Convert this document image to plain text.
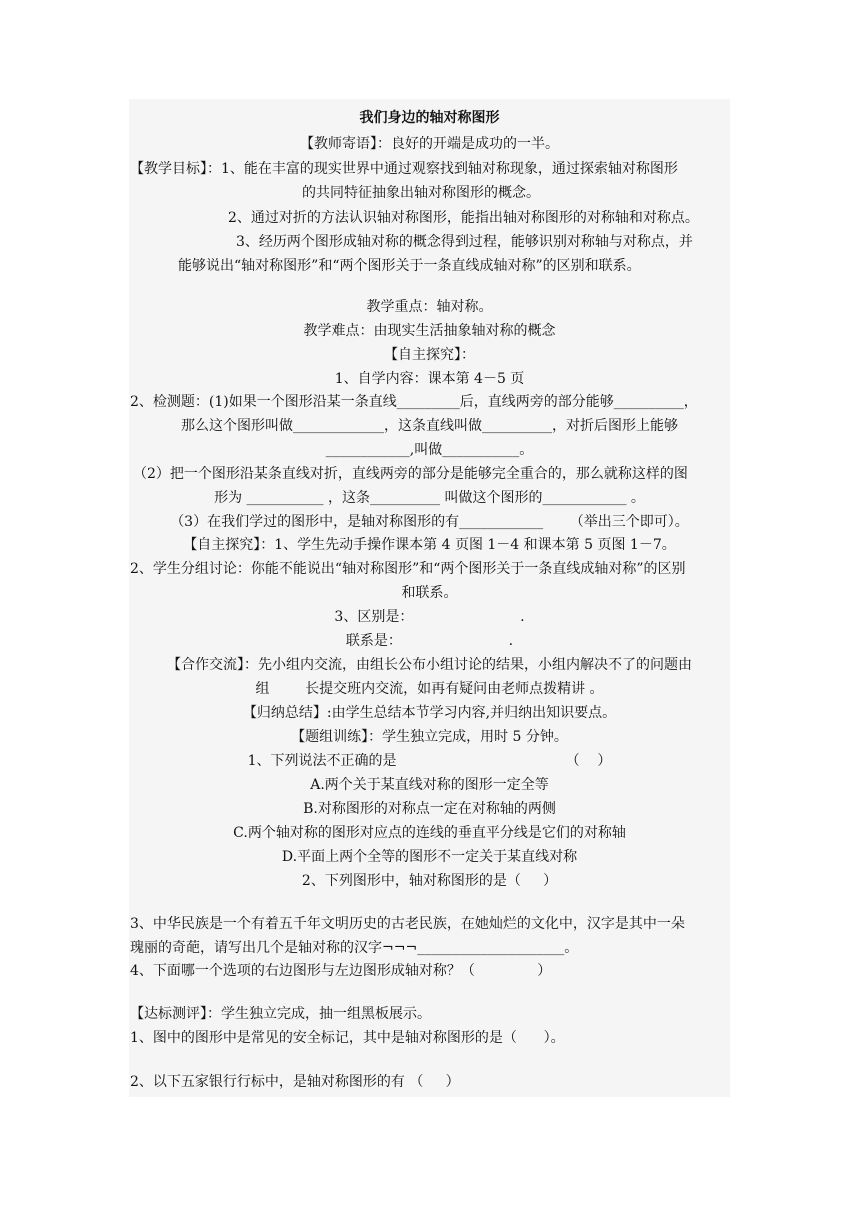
我们身边的轴对称图形
【教师寄语】：良好的开端是成功的一半。
【教学目标】：1、能在丰富的现实世界中通过观察找到轴对称现象，通过探索轴对称图形
的共同特征抽象出轴对称图形的概念。
2、通过对折的方法认识轴对称图形，能指出轴对称图形的对称轴和对称点。
3、经历两个图形成轴对称的概念得到过程，能够识别对称轴与对称点，并
能够说出“轴对称图形”和“两个图形关于一条直线成轴对称”的区别和联系。
教学重点：轴对称。
教学难点：由现实生活抽象轴对称的概念
【自主探究】：
1、自学内容：课本第 4－5 页
2、检测题：(1)如果一个图形沿某一条直线_________后，直线两旁的部分能够__________，
那么这个图形叫做_____________，这条直线叫做__________，对折后图形上能够
____________,叫做___________。
（2）把一个图形沿某条直线对折，直线两旁的部分是能够完全重合的，那么就称这样的图
形为 ___________ ，这条__________ 叫做这个图形的____________ 。
（3）在我们学过的图形中，是轴对称图形的有____________      （举出三个即可）。
【自主探究】：1、学生先动手操作课本第 4 页图 1－4 和课本第 5 页图 1－7。
2、学生分组讨论：你能不能说出“轴对称图形”和“两个图形关于一条直线成轴对称”的区别
和联系。
3、区别是：                        .
联系是：                        .
【合作交流】：先小组内交流，由组长公布小组讨论的结果，小组内解决不了的问题由
组        长提交班内交流，如再有疑问由老师点拨精讲 。
【归纳总结】:由学生总结本节学习内容,并归纳出知识要点。
【题组训练】：学生独立完成，用时 5 分钟。
1、下列说法不正确的是                                      （    ）
A.两个关于某直线对称的图形一定全等
B.对称图形的对称点一定在对称轴的两侧
C.两个轴对称的图形对应点的连线的垂直平分线是它们的对称轴
D.平面上两个全等的图形不一定关于某直线对称
2、下列图形中，轴对称图形的是（     ）
3、中华民族是一个有着五千年文明历史的古老民族，在她灿烂的文化中，汉字是其中一朵
瑰丽的奇葩，请写出几个是轴对称的汉字¬¬¬_____________________。
4、下面哪一个选项的右边图形与左边图形成轴对称？（              ）
【达标测评】：学生独立完成，抽一组黑板展示。
1、图中的图形中是常见的安全标记，其中是轴对称图形的是（      ）。
2、以下五家银行行标中，是轴对称图形的有 （     ）
